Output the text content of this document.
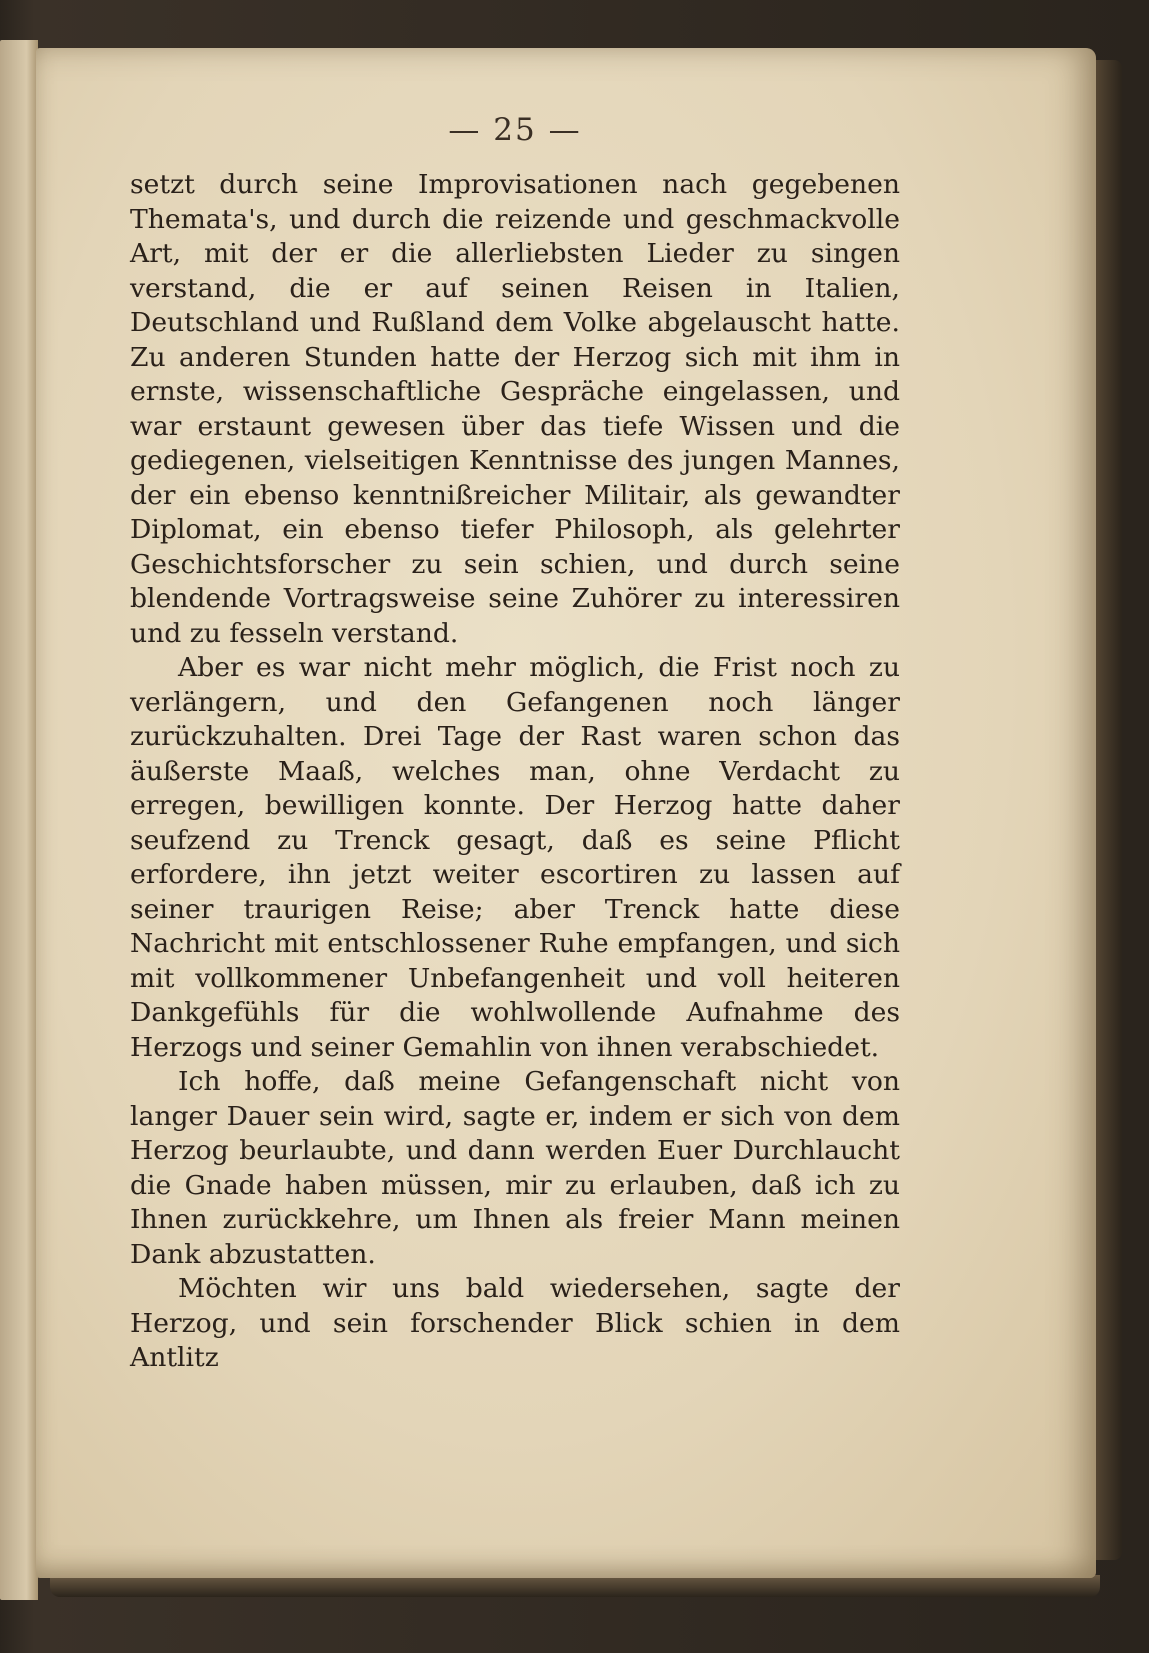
— 25 —

setzt durch seine Improvisationen nach gegebenen Themata's, und durch die reizende und geschmackvolle Art, mit der er die allerliebsten Lieder zu singen verstand, die er auf seinen Reisen in Italien, Deutschland und Rußland dem Volke abgelauscht hatte. Zu anderen Stunden hatte der Herzog sich mit ihm in ernste, wissenschaftliche Gespräche eingelassen, und war erstaunt gewesen über das tiefe Wissen und die gediegenen, vielseitigen Kenntnisse des jungen Mannes, der ein ebenso kenntnißreicher Militair, als gewandter Diplomat, ein ebenso tiefer Philosoph, als gelehrter Geschichtsforscher zu sein schien, und durch seine blendende Vortragsweise seine Zuhörer zu interessiren und zu fesseln verstand.

Aber es war nicht mehr möglich, die Frist noch zu verlängern, und den Gefangenen noch länger zurückzuhalten. Drei Tage der Rast waren schon das äußerste Maaß, welches man, ohne Verdacht zu erregen, bewilligen konnte. Der Herzog hatte daher seufzend zu Trenck gesagt, daß es seine Pflicht erfordere, ihn jetzt weiter escortiren zu lassen auf seiner traurigen Reise; aber Trenck hatte diese Nachricht mit entschlossener Ruhe empfangen, und sich mit vollkommener Unbefangenheit und voll heiteren Dankgefühls für die wohlwollende Aufnahme des Herzogs und seiner Gemahlin von ihnen verabschiedet.

Ich hoffe, daß meine Gefangenschaft nicht von langer Dauer sein wird, sagte er, indem er sich von dem Herzog beurlaubte, und dann werden Euer Durchlaucht die Gnade haben müssen, mir zu erlauben, daß ich zu Ihnen zurückkehre, um Ihnen als freier Mann meinen Dank abzustatten.

Möchten wir uns bald wiedersehen, sagte der Herzog, und sein forschender Blick schien in dem Antlitz
